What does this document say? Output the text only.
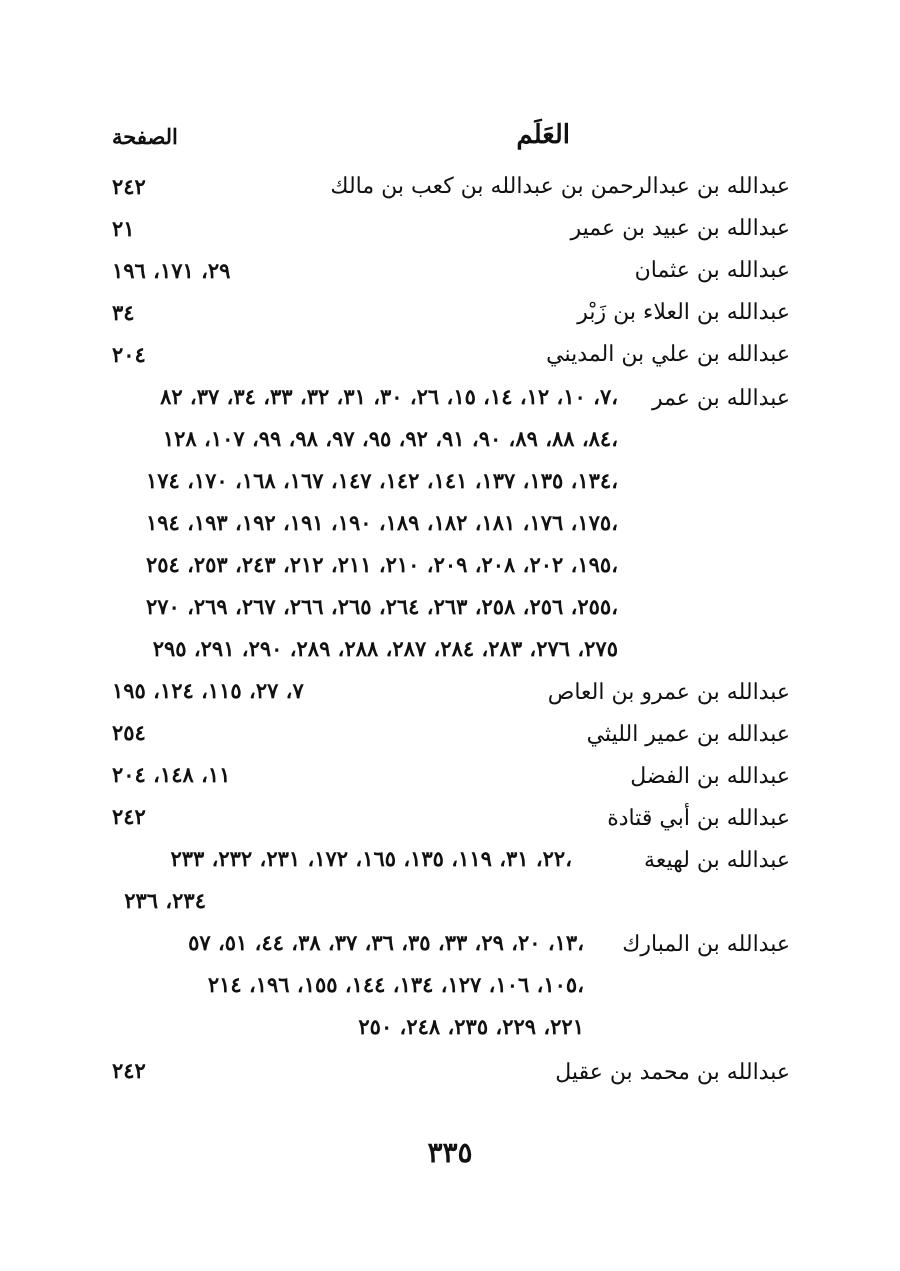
العَلَم
الصفحة
عبدالله بن عبدالرحمن بن عبدالله بن كعب بن مالك
٢٤٢
عبدالله بن عبيد بن عمير
٢١
عبدالله بن عثمان
٢٩، ١٧١، ١٩٦
عبدالله بن العلاء بن زَبْر
٣٤
عبدالله بن علي بن المديني
٢٠٤
عبدالله بن عمر
٧، ١٠، ١٢، ١٤، ١٥، ٢٦، ٣٠، ٣١، ٣٢، ٣٣، ٣٤، ٣٧، ٨٢،
٨٤، ٨٨، ٨٩، ٩٠، ٩١، ٩٢، ٩٥، ٩٧، ٩٨، ٩٩، ١٠٧، ١٢٨،
١٣٤، ١٣٥، ١٣٧، ١٤١، ١٤٢، ١٤٧، ١٦٧، ١٦٨، ١٧٠، ١٧٤،
١٧٥، ١٧٦، ١٨١، ١٨٢، ١٨٩، ١٩٠، ١٩١، ١٩٢، ١٩٣، ١٩٤،
١٩٥، ٢٠٢، ٢٠٨، ٢٠٩، ٢١٠، ٢١١، ٢١٢، ٢٤٣، ٢٥٣، ٢٥٤،
٢٥٥، ٢٥٦، ٢٥٨، ٢٦٣، ٢٦٤، ٢٦٥، ٢٦٦، ٢٦٧، ٢٦٩، ٢٧٠،
٢٧٥، ٢٧٦، ٢٨٣، ٢٨٤، ٢٨٧، ٢٨٨، ٢٨٩، ٢٩٠، ٢٩١، ٢٩٥
عبدالله بن عمرو بن العاص
٧، ٢٧، ١١٥، ١٢٤، ١٩٥
عبدالله بن عمير الليثي
٢٥٤
عبدالله بن الفضل
١١، ١٤٨، ٢٠٤
عبدالله بن أبي قتادة
٢٤٢
عبدالله بن لهيعة
٢٢، ٣١، ١١٩، ١٣٥، ١٦٥، ١٧٢، ٢٣١، ٢٣٢، ٢٣٣،
٢٣٤، ٢٣٦
عبدالله بن المبارك
١٣، ٢٠، ٢٩، ٣٣، ٣٥، ٣٦، ٣٧، ٣٨، ٤٤، ٥١، ٥٧،
١٠٥، ١٠٦، ١٢٧، ١٣٤، ١٤٤، ١٥٥، ١٩٦، ٢١٤،
٢٢١، ٢٢٩، ٢٣٥، ٢٤٨، ٢٥٠
عبدالله بن محمد بن عقيل
٢٤٢
٣٣٥
